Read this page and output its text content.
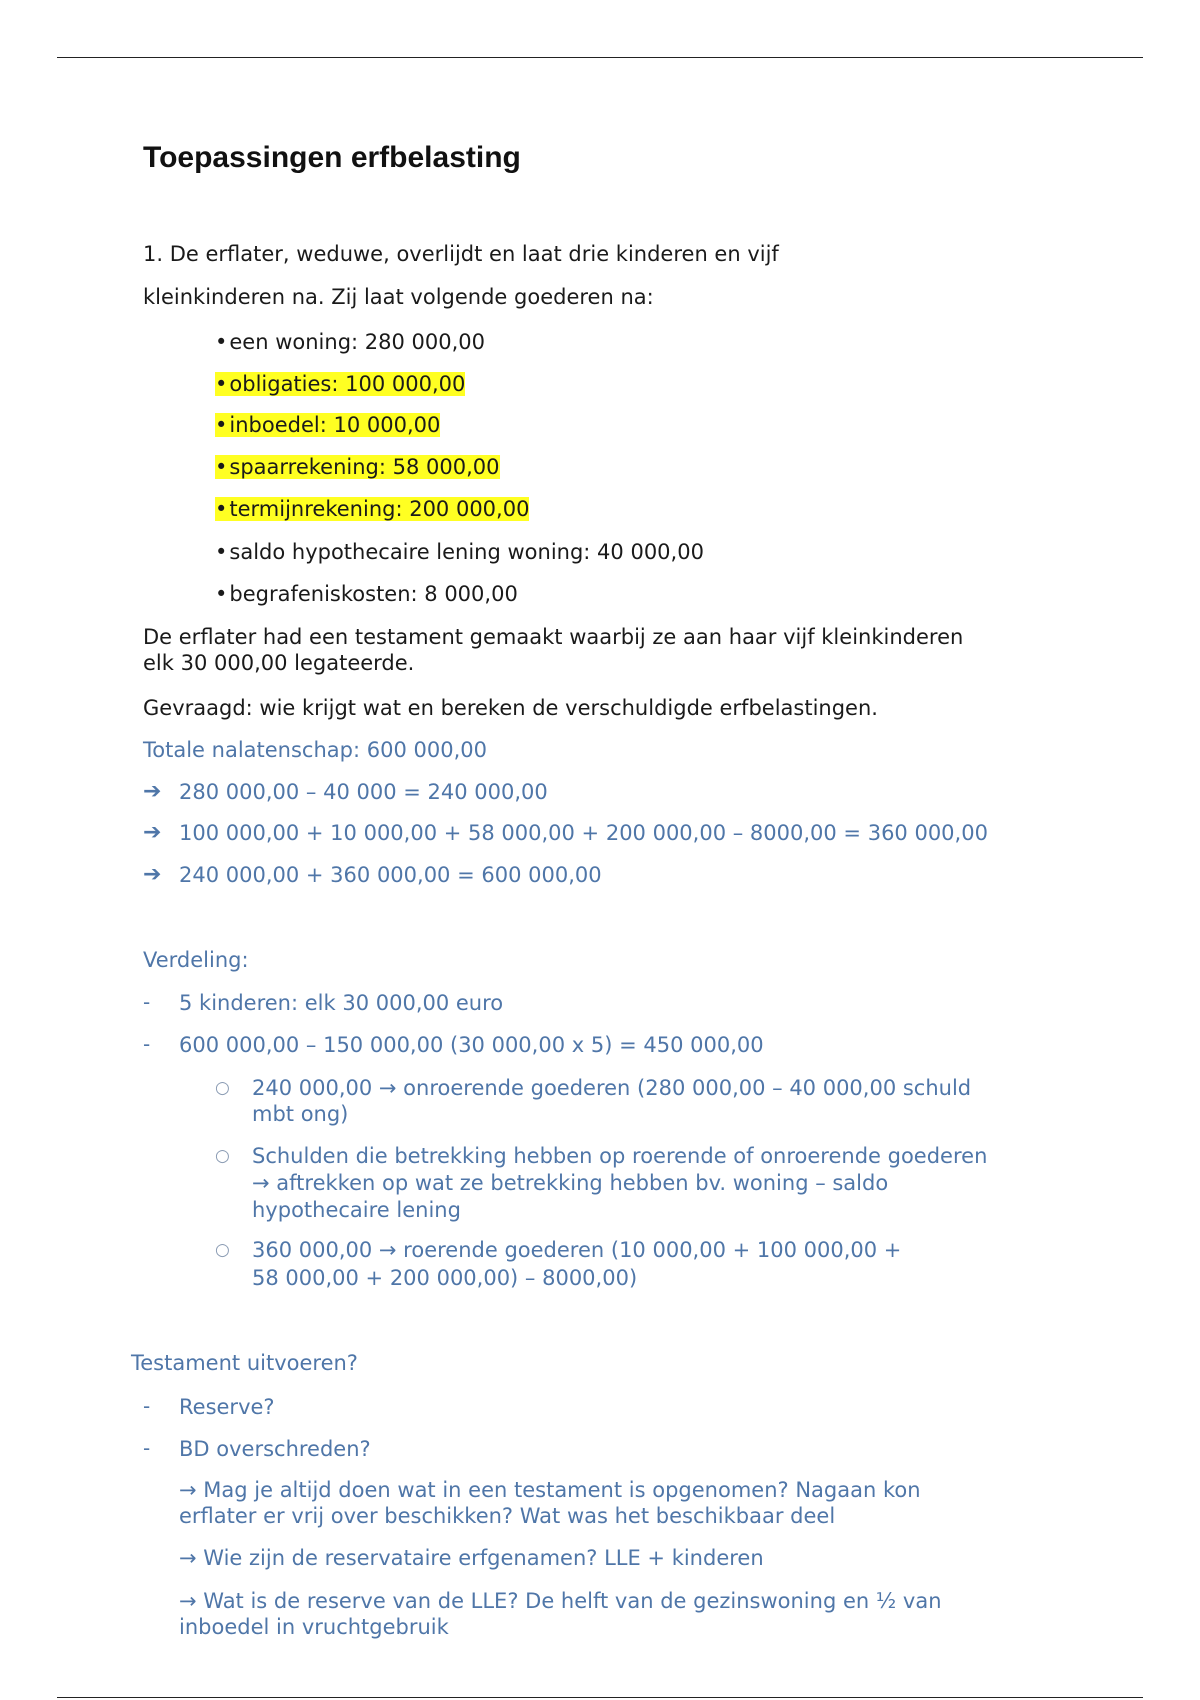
Toepassingen erfbelasting
1. De erflater, weduwe, overlijdt en laat drie kinderen en vijf
kleinkinderen na. Zij laat volgende goederen na:
•een woning: 280 000,00
•obligaties: 100 000,00
•inboedel: 10 000,00
•spaarrekening: 58 000,00
•termijnrekening: 200 000,00
•saldo hypothecaire lening woning: 40 000,00
•begrafeniskosten: 8 000,00
De erflater had een testament gemaakt waarbij ze aan haar vijf kleinkinderen
elk 30 000,00 legateerde.
Gevraagd: wie krijgt wat en bereken de verschuldigde erfbelastingen.
Totale nalatenschap: 600 000,00
➔ 280 000,00 – 40 000 = 240 000,00
➔ 100 000,00 + 10 000,00 + 58 000,00 + 200 000,00 – 8000,00 = 360 000,00
➔ 240 000,00 + 360 000,00 = 600 000,00
Verdeling:
- 5 kinderen: elk 30 000,00 euro
- 600 000,00 – 150 000,00 (30 000,00 x 5) = 450 000,00
○ 240 000,00 → onroerende goederen (280 000,00 – 40 000,00 schuld
mbt ong)
○ Schulden die betrekking hebben op roerende of onroerende goederen
→ aftrekken op wat ze betrekking hebben bv. woning – saldo
hypothecaire lening
○ 360 000,00 → roerende goederen (10 000,00 + 100 000,00 +
58 000,00 + 200 000,00) – 8000,00)
Testament uitvoeren?
- Reserve?
- BD overschreden?
→ Mag je altijd doen wat in een testament is opgenomen? Nagaan kon
erflater er vrij over beschikken? Wat was het beschikbaar deel
→ Wie zijn de reservataire erfgenamen? LLE + kinderen
→ Wat is de reserve van de LLE? De helft van de gezinswoning en ½ van
inboedel in vruchtgebruik
